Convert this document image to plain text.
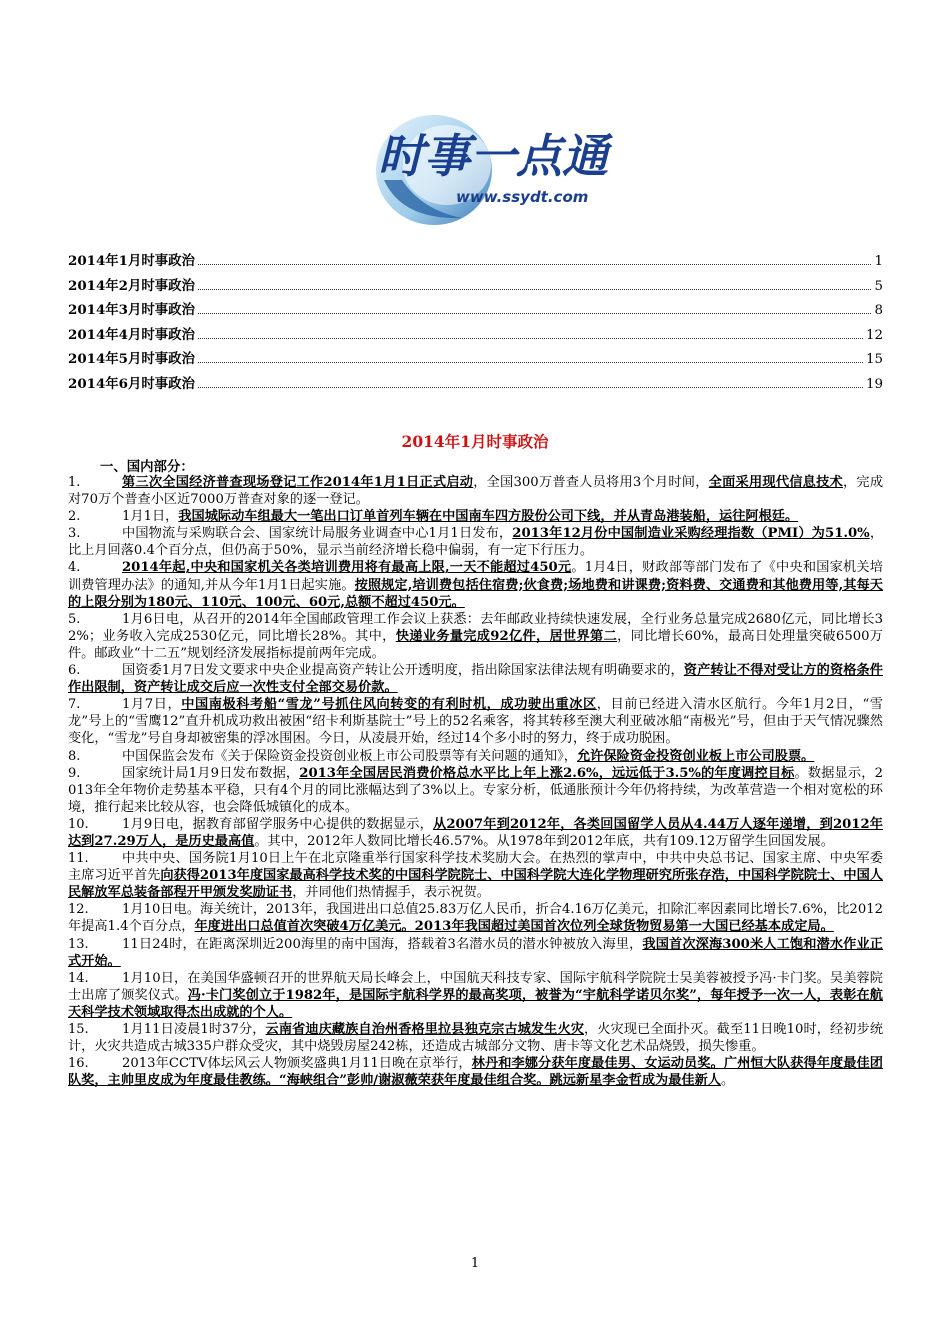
时事一点通
www.ssydt.com
2014年1月时事政治	1
2014年2月时事政治	5
2014年3月时事政治	8
2014年4月时事政治	12
2014年5月时事政治	15
2014年6月时事政治	19
2014年1月时事政治
一、国内部分：
1.	第三次全国经济普查现场登记工作2014年1月1日正式启动，全国300万普查人员将用3个月时间，全面采用现代信息技术，完成对70万个普查小区近7000万普查对象的逐一登记。
2.	1月1日，我国城际动车组最大一笔出口订单首列车辆在中国南车四方股份公司下线，并从青岛港装船，运往阿根廷。
3.	中国物流与采购联合会、国家统计局服务业调查中心1月1日发布，2013年12月份中国制造业采购经理指数（PMI）为51.0%，比上月回落0.4个百分点，但仍高于50%，显示当前经济增长稳中偏弱，有一定下行压力。
4.	2014年起,中央和国家机关各类培训费用将有最高上限,一天不能超过450元。1月4日，财政部等部门发布了《中央和国家机关培训费管理办法》的通知,并从今年1月1日起实施。按照规定,培训费包括住宿费;伙食费;场地费和讲课费;资料费、交通费和其他费用等,其每天的上限分别为180元、110元、100元、60元,总额不超过450元。
5.	1月6日电，从召开的2014年全国邮政管理工作会议上获悉：去年邮政业持续快速发展，全行业务总量完成2680亿元，同比增长32%；业务收入完成2530亿元，同比增长28%。其中，快递业务量完成92亿件，居世界第二，同比增长60%，最高日处理量突破6500万件。邮政业“十二五”规划经济发展指标提前两年完成。
6.	国资委1月7日发文要求中央企业提高资产转让公开透明度，指出除国家法律法规有明确要求的，资产转让不得对受让方的资格条件作出限制，资产转让成交后应一次性支付全部交易价款。
7.	1月7日，中国南极科考船“雪龙”号抓住风向转变的有利时机，成功驶出重冰区，目前已经进入清水区航行。今年1月2日，“雪龙”号上的“雪鹰12”直升机成功救出被困“绍卡利斯基院士”号上的52名乘客，将其转移至澳大利亚破冰船“南极光”号，但由于天气情况骤然变化，“雪龙”号自身却被密集的浮冰围困。今日，从凌晨开始，经过14个多小时的努力，终于成功脱困。
8.	中国保监会发布《关于保险资金投资创业板上市公司股票等有关问题的通知》，允许保险资金投资创业板上市公司股票。
9.	国家统计局1月9日发布数据，2013年全国居民消费价格总水平比上年上涨2.6%，远远低于3.5%的年度调控目标。数据显示，2013年全年物价走势基本平稳，只有4个月的同比涨幅达到了3%以上。专家分析，低通胀预计今年仍将持续，为改革营造一个相对宽松的环境，推行起来比较从容，也会降低城镇化的成本。
10.	1月9日电，据教育部留学服务中心提供的数据显示，从2007年到2012年，各类回国留学人员从4.44万人逐年递增，到2012年达到27.29万人，是历史最高值。其中，2012年人数同比增长46.57%。从1978年到2012年底，共有109.12万留学生回国发展。
11.	中共中央、国务院1月10日上午在北京隆重举行国家科学技术奖励大会。在热烈的掌声中，中共中央总书记、国家主席、中央军委主席习近平首先向获得2013年度国家最高科学技术奖的中国科学院院士、中国科学院大连化学物理研究所张存浩，中国科学院院士、中国人民解放军总装备部程开甲颁发奖励证书，并同他们热情握手，表示祝贺。
12.	1月10日电。海关统计，2013年，我国进出口总值25.83万亿人民币，折合4.16万亿美元，扣除汇率因素同比增长7.6%，比2012年提高1.4个百分点，年度进出口总值首次突破4万亿美元。2013年我国超过美国首次位列全球货物贸易第一大国已经基本成定局。
13.	11日24时，在距离深圳近200海里的南中国海，搭载着3名潜水员的潜水钟被放入海里，我国首次深海300米人工饱和潜水作业正式开始。
14.	1月10日，在美国华盛顿召开的世界航天局长峰会上，中国航天科技专家、国际宇航科学院院士吴美蓉被授予冯·卡门奖。吴美蓉院士出席了颁奖仪式。冯·卡门奖创立于1982年，是国际宇航科学界的最高奖项，被誉为“宇航科学诺贝尔奖”，每年授予一次一人，表彰在航天科学技术领域取得杰出成就的个人。
15.	1月11日凌晨1时37分，云南省迪庆藏族自治州香格里拉县独克宗古城发生火灾，火灾现已全面扑灭。截至11日晚10时，经初步统计，火灾共造成古城335户群众受灾，其中烧毁房屋242栋，还造成古城部分文物、唐卡等文化艺术品烧毁，损失惨重。
16.	2013年CCTV体坛风云人物颁奖盛典1月11日晚在京举行，林丹和李娜分获年度最佳男、女运动员奖。广州恒大队获得年度最佳团队奖，主帅里皮成为年度最佳教练。“海峡组合”彭帅/谢淑薇荣获年度最佳组合奖。跳远新星李金哲成为最佳新人。
1
